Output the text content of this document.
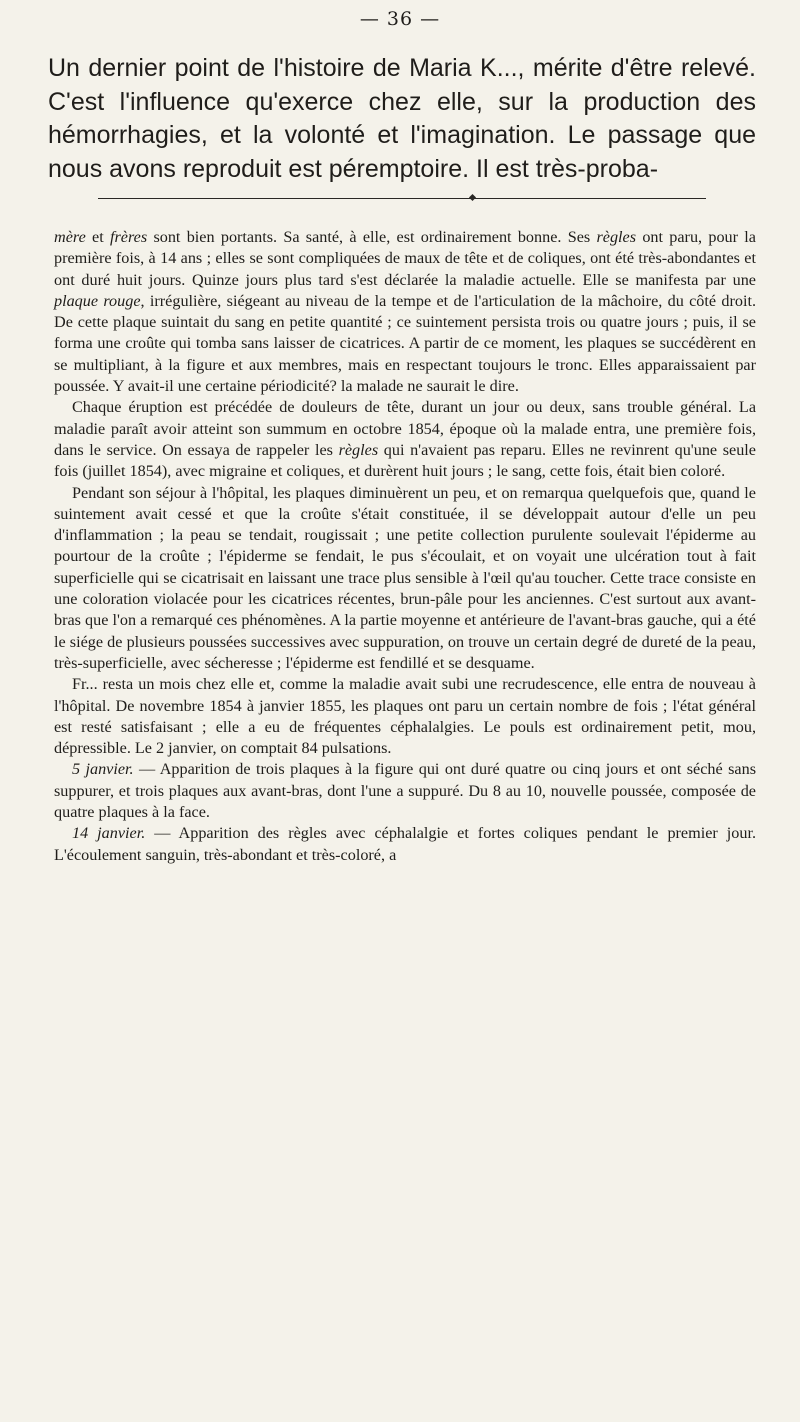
— 36 —

Un dernier point de l'histoire de Maria K..., mérite d'être relevé. C'est l'influence qu'exerce chez elle, sur la production des hémorrhagies, et la volonté et l'imagination. Le passage que nous avons reproduit est péremptoire. Il est très-proba-

mère et frères sont bien portants. Sa santé, à elle, est ordinairement bonne. Ses règles ont paru, pour la première fois, à 14 ans ; elles se sont compliquées de maux de tête et de coliques, ont été très-abondantes et ont duré huit jours. Quinze jours plus tard s'est déclarée la maladie actuelle. Elle se manifesta par une plaque rouge, irrégulière, siégeant au niveau de la tempe et de l'articulation de la mâchoire, du côté droit. De cette plaque suintait du sang en petite quantité ; ce suintement persista trois ou quatre jours ; puis, il se forma une croûte qui tomba sans laisser de cicatrices. A partir de ce moment, les plaques se succédèrent en se multipliant, à la figure et aux membres, mais en respectant toujours le tronc. Elles apparaissaient par poussée. Y avait-il une certaine périodicité? la malade ne saurait le dire.

Chaque éruption est précédée de douleurs de tête, durant un jour ou deux, sans trouble général. La maladie paraît avoir atteint son summum en octobre 1854, époque où la malade entra, une première fois, dans le service. On essaya de rappeler les règles qui n'avaient pas reparu. Elles ne revinrent qu'une seule fois (juillet 1854), avec migraine et coliques, et durèrent huit jours ; le sang, cette fois, était bien coloré.

Pendant son séjour à l'hôpital, les plaques diminuèrent un peu, et on remarqua quelquefois que, quand le suintement avait cessé et que la croûte s'était constituée, il se développait autour d'elle un peu d'inflammation ; la peau se tendait, rougissait ; une petite collection purulente soulevait l'épiderme au pourtour de la croûte ; l'épiderme se fendait, le pus s'écoulait, et on voyait une ulcération tout à fait superficielle qui se cicatrisait en laissant une trace plus sensible à l'œil qu'au toucher. Cette trace consiste en une coloration violacée pour les cicatrices récentes, brun-pâle pour les anciennes. C'est surtout aux avant-bras que l'on a remarqué ces phénomènes. A la partie moyenne et antérieure de l'avant-bras gauche, qui a été le siége de plusieurs poussées successives avec suppuration, on trouve un certain degré de dureté de la peau, très-superficielle, avec sécheresse ; l'épiderme est fendillé et se desquame.

Fr... resta un mois chez elle et, comme la maladie avait subi une recrudescence, elle entra de nouveau à l'hôpital. De novembre 1854 à janvier 1855, les plaques ont paru un certain nombre de fois ; l'état général est resté satisfaisant ; elle a eu de fréquentes céphalalgies. Le pouls est ordinairement petit, mou, dépressible. Le 2 janvier, on comptait 84 pulsations.

5 janvier. — Apparition de trois plaques à la figure qui ont duré quatre ou cinq jours et ont séché sans suppurer, et trois plaques aux avant-bras, dont l'une a suppuré. Du 8 au 10, nouvelle poussée, composée de quatre plaques à la face.

14 janvier. — Apparition des règles avec céphalalgie et fortes coliques pendant le premier jour. L'écoulement sanguin, très-abondant et très-coloré, a
